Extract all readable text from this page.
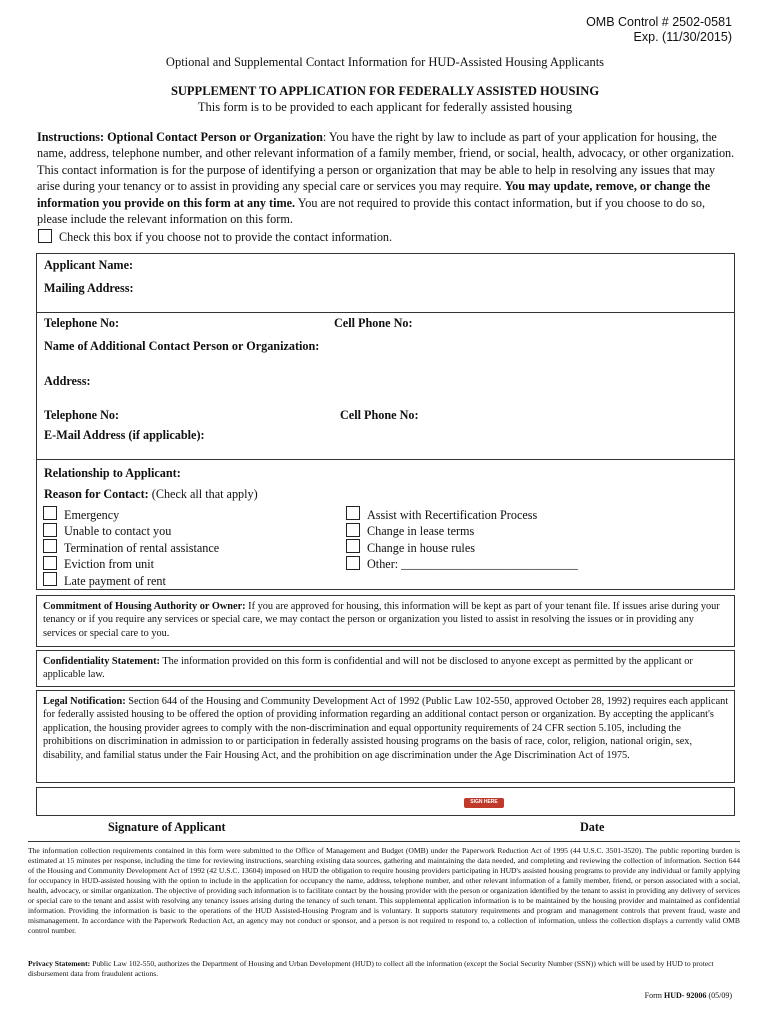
OMB Control # 2502-0581
Exp. (11/30/2015)
Optional and Supplemental Contact Information for HUD-Assisted Housing Applicants
SUPPLEMENT TO APPLICATION FOR FEDERALLY ASSISTED HOUSING
This form is to be provided to each applicant for federally assisted housing
Instructions: Optional Contact Person or Organization: You have the right by law to include as part of your application for housing, the name, address, telephone number, and other relevant information of a family member, friend, or social, health, advocacy, or other organization. This contact information is for the purpose of identifying a person or organization that may be able to help in resolving any issues that may arise during your tenancy or to assist in providing any special care or services you may require. You may update, remove, or change the information you provide on this form at any time. You are not required to provide this contact information, but if you choose to do so, please include the relevant information on this form.
Check this box if you choose not to provide the contact information.
Applicant Name:
Mailing Address:
Telephone No:	Cell Phone No:
Name of Additional Contact Person or Organization:
Address:
Telephone No:	Cell Phone No:
E-Mail Address (if applicable):
Relationship to Applicant:
Reason for Contact: (Check all that apply)
Emergency
Unable to contact you
Termination of rental assistance
Eviction from unit
Late payment of rent
Assist with Recertification Process
Change in lease terms
Change in house rules
Other: _____________________________
Commitment of Housing Authority or Owner: If you are approved for housing, this information will be kept as part of your tenant file. If issues arise during your tenancy or if you require any services or special care, we may contact the person or organization you listed to assist in resolving the issues or in providing any services or special care to you.
Confidentiality Statement: The information provided on this form is confidential and will not be disclosed to anyone except as permitted by the applicant or applicable law.
Legal Notification: Section 644 of the Housing and Community Development Act of 1992 (Public Law 102-550, approved October 28, 1992) requires each applicant for federally assisted housing to be offered the option of providing information regarding an additional contact person or organization. By accepting the applicant's application, the housing provider agrees to comply with the non-discrimination and equal opportunity requirements of 24 CFR section 5.105, including the prohibitions on discrimination in admission to or participation in federally assisted housing programs on the basis of race, color, religion, national origin, sex, disability, and familial status under the Fair Housing Act, and the prohibition on age discrimination under the Age Discrimination Act of 1975.
SIGN HERE
Signature of Applicant	Date
The information collection requirements contained in this form were submitted to the Office of Management and Budget (OMB) under the Paperwork Reduction Act of 1995 (44 U.S.C. 3501-3520). The public reporting burden is estimated at 15 minutes per response, including the time for reviewing instructions, searching existing data sources, gathering and maintaining the data needed, and completing and reviewing the collection of information. Section 644 of the Housing and Community Development Act of 1992 (42 U.S.C. 13604) imposed on HUD the obligation to require housing providers participating in HUD's assisted housing programs to provide any individual or family applying for occupancy in HUD-assisted housing with the option to include in the application for occupancy the name, address, telephone number, and other relevant information of a family member, friend, or person associated with a social, health, advocacy, or similar organization. The objective of providing such information is to facilitate contact by the housing provider with the person or organization identified by the tenant to assist in providing any delivery of services or special care to the tenant and assist with resolving any tenancy issues arising during the tenancy of such tenant. This supplemental application information is to be maintained by the housing provider and maintained as confidential information. Providing the information is basic to the operations of the HUD Assisted-Housing Program and is voluntary. It supports statutory requirements and program and management controls that prevent fraud, waste and mismanagement. In accordance with the Paperwork Reduction Act, an agency may not conduct or sponsor, and a person is not required to respond to, a collection of information, unless the collection displays a currently valid OMB control number.
Privacy Statement: Public Law 102-550, authorizes the Department of Housing and Urban Development (HUD) to collect all the information (except the Social Security Number (SSN)) which will be used by HUD to protect disbursement data from fraudulent actions.
Form HUD- 92006 (05/09)
